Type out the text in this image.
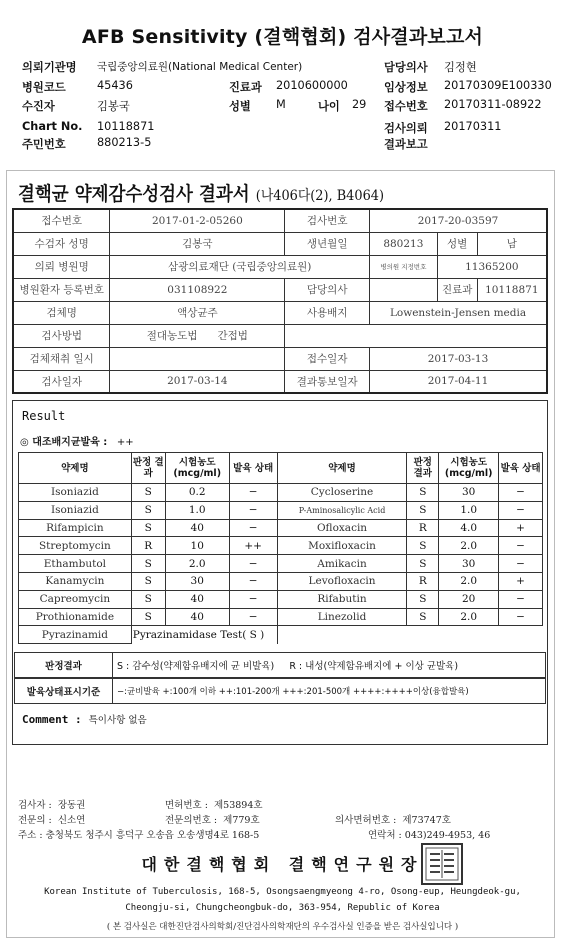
AFB Sensitivity (결핵협회) 검사결과보고서
의뢰기관명 국립중앙의료원(National Medical Center)	담당의사 김정현
병원코드	45436	진료과 2010600000	임상정보 20170309E100330
수진자	김봉국	성별 M	나이 29 접수번호 20170311-08922
Chart No. 10118871	검사의뢰 20170311
주민번호	880213-5	결과보고
결핵균 약제감수성검사 결과서 (나406다(2), B4064)
접수번호	2017-01-2-05260	검사번호	2017-20-03597		
수검자 성명	김봉국	생년월일	880213	성별	남
의뢰 병원명	삼광의료재단 (국립중앙의료원)		병의원 지정번호	11365200	
병원환자 등록번호	031108922	담당의사		진료과	10118871
검체명	액상균주	사용배지	Lowenstein-Jensen media		
검사방법	절대농도법 간접법				
검체채취 일시		접수일자	2017-03-13		
검사일자	2017-03-14	결과통보일자	2017-04-11		
Result
◎ 대조배지균발육 : ++
약제명	판정 결과	시험농도 (mcg/ml)	발육 상태	약제명	판정 결과	시험농도 (mcg/ml)	발육 상태
Isoniazid	S	0.2	−	Cycloserine	S	30	−
Isoniazid	S	1.0	−	P-Aminosalicylic Acid	S	1.0	−
Rifampicin	S	40	−	Ofloxacin	R	4.0	+
Streptomycin	R	10	++	Moxifloxacin	S	2.0	−
Ethambutol	S	2.0	−	Amikacin	S	30	−
Kanamycin	S	30	−	Levofloxacin	R	2.0	+
Capreomycin	S	40	−	Rifabutin	S	20	−
Prothionamide	S	40	−	Linezolid	S	2.0	−
Pyrazinamid	Pyrazinamidase Test( S )						
판정결과	S : 감수성(약제함유배지에 균 비발육) R : 내성(약제함유배지에 + 이상 균발육)
발육상태표시기준	−:균비발육 +:100개 이하 ++:101-200개 +++:201-500개 ++++:++++이상(융합발육)
Comment : 특이사항 없음
검사자 : 장동권	면허번호 : 제53894호
전문의 : 신소연	전문의번호 : 제779호	의사면허번호 : 제73747호
주소 : 충청북도 청주시 흥덕구 오송읍 오송생명4로 168-5	연락처 : 043)249-4953, 46
대한결핵협회 결핵연구원장
Korean Institute of Tuberculosis, 168-5, Osongsaengmyeong 4-ro, Osong-eup, Heungdeok-gu,
Cheongju-si, Chungcheongbuk-do, 363-954, Republic of Korea
( 본 검사실은 대한진단검사의학회/진단검사의학재단의 우수검사실 인증을 받은 검사실입니다 )
